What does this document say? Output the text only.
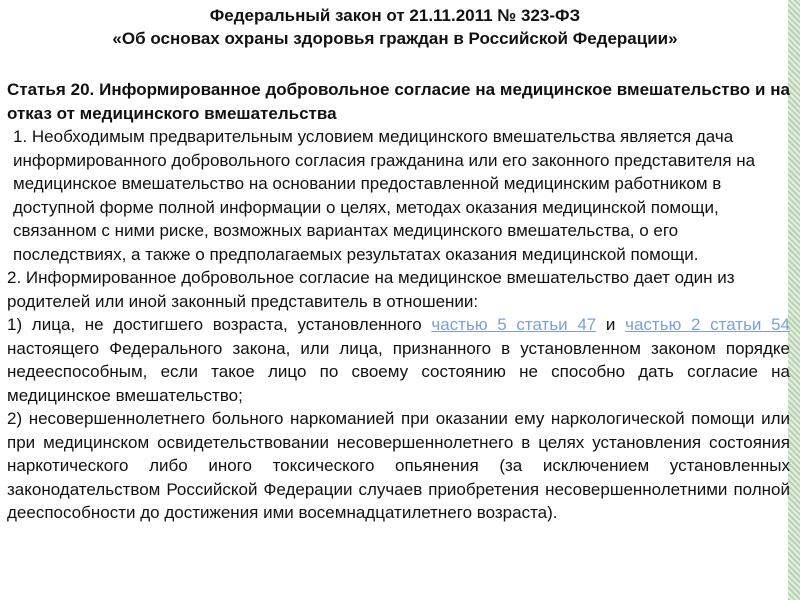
Федеральный закон от 21.11.2011 № 323-ФЗ
«Об основах охраны здоровья граждан в Российской Федерации»
Статья 20. Информированное добровольное согласие на медицинское вмешательство и на отказ от медицинского вмешательства

1. Необходимым предварительным условием медицинского вмешательства является дача информированного добровольного согласия гражданина или его законного представителя на медицинское вмешательство на основании предоставленной медицинским работником в доступной форме полной информации о целях, методах оказания медицинской помощи, связанном с ними риске, возможных вариантах медицинского вмешательства, о его последствиях, а также о предполагаемых результатах оказания медицинской помощи.

2. Информированное добровольное согласие на медицинское вмешательство дает один из родителей или иной законный представитель в отношении:

1) лица, не достигшего возраста, установленного частью 5 статьи 47 и частью 2 статьи 54 настоящего Федерального закона, или лица, признанного в установленном законом порядке недееспособным, если такое лицо по своему состоянию не способно дать согласие на медицинское вмешательство;

2) несовершеннолетнего больного наркоманией при оказании ему наркологической помощи или при медицинском освидетельствовании несовершеннолетнего в целях установления состояния наркотического либо иного токсического опьянения (за исключением установленных законодательством Российской Федерации случаев приобретения несовершеннолетними полной дееспособности до достижения ими восемнадцатилетнего возраста).
